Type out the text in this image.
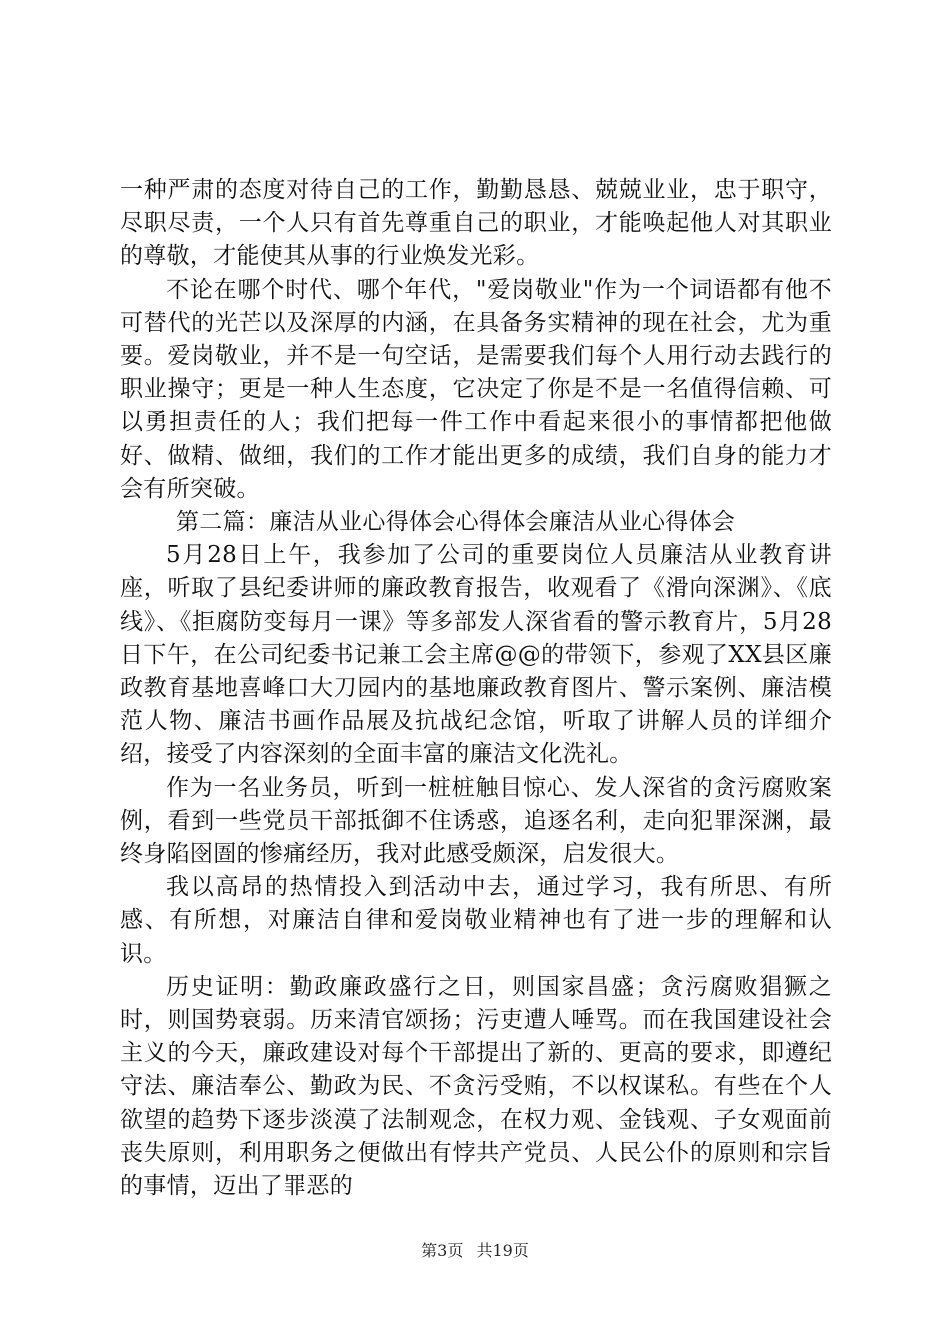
一种严肃的态度对待自己的工作，勤勤恳恳、兢兢业业，忠于职守，尽职尽责，一个人只有首先尊重自己的职业，才能唤起他人对其职业的尊敬，才能使其从事的行业焕发光彩。

不论在哪个时代、哪个年代，"爱岗敬业"作为一个词语都有他不可替代的光芒以及深厚的内涵，在具备务实精神的现在社会，尤为重要。爱岗敬业，并不是一句空话，是需要我们每个人用行动去践行的职业操守；更是一种人生态度，它决定了你是不是一名值得信赖、可以勇担责任的人；我们把每一件工作中看起来很小的事情都把他做好、做精、做细，我们的工作才能出更多的成绩，我们自身的能力才会有所突破。

第二篇：廉洁从业心得体会心得体会廉洁从业心得体会

5月28日上午，我参加了公司的重要岗位人员廉洁从业教育讲座，听取了县纪委讲师的廉政教育报告，收观看了《滑向深渊》、《底线》、《拒腐防变每月一课》等多部发人深省看的警示教育片，5月28日下午，在公司纪委书记兼工会主席@@的带领下，参观了XX县区廉政教育基地喜峰口大刀园内的基地廉政教育图片、警示案例、廉洁模范人物、廉洁书画作品展及抗战纪念馆，听取了讲解人员的详细介绍，接受了内容深刻的全面丰富的廉洁文化洗礼。

作为一名业务员，听到一桩桩触目惊心、发人深省的贪污腐败案例，看到一些党员干部抵御不住诱惑，追逐名利，走向犯罪深渊，最终身陷囹圄的惨痛经历，我对此感受颇深，启发很大。

我以高昂的热情投入到活动中去，通过学习，我有所思、有所感、有所想，对廉洁自律和爱岗敬业精神也有了进一步的理解和认识。

历史证明：勤政廉政盛行之日，则国家昌盛；贪污腐败猖獗之时，则国势衰弱。历来清官颂扬；污吏遭人唾骂。而在我国建设社会主义的今天，廉政建设对每个干部提出了新的、更高的要求，即遵纪守法、廉洁奉公、勤政为民、不贪污受贿，不以权谋私。有些在个人欲望的趋势下逐步淡漠了法制观念，在权力观、金钱观、子女观面前丧失原则，利用职务之便做出有悖共产党员、人民公仆的原则和宗旨的事情，迈出了罪恶的

第3页 共19页
